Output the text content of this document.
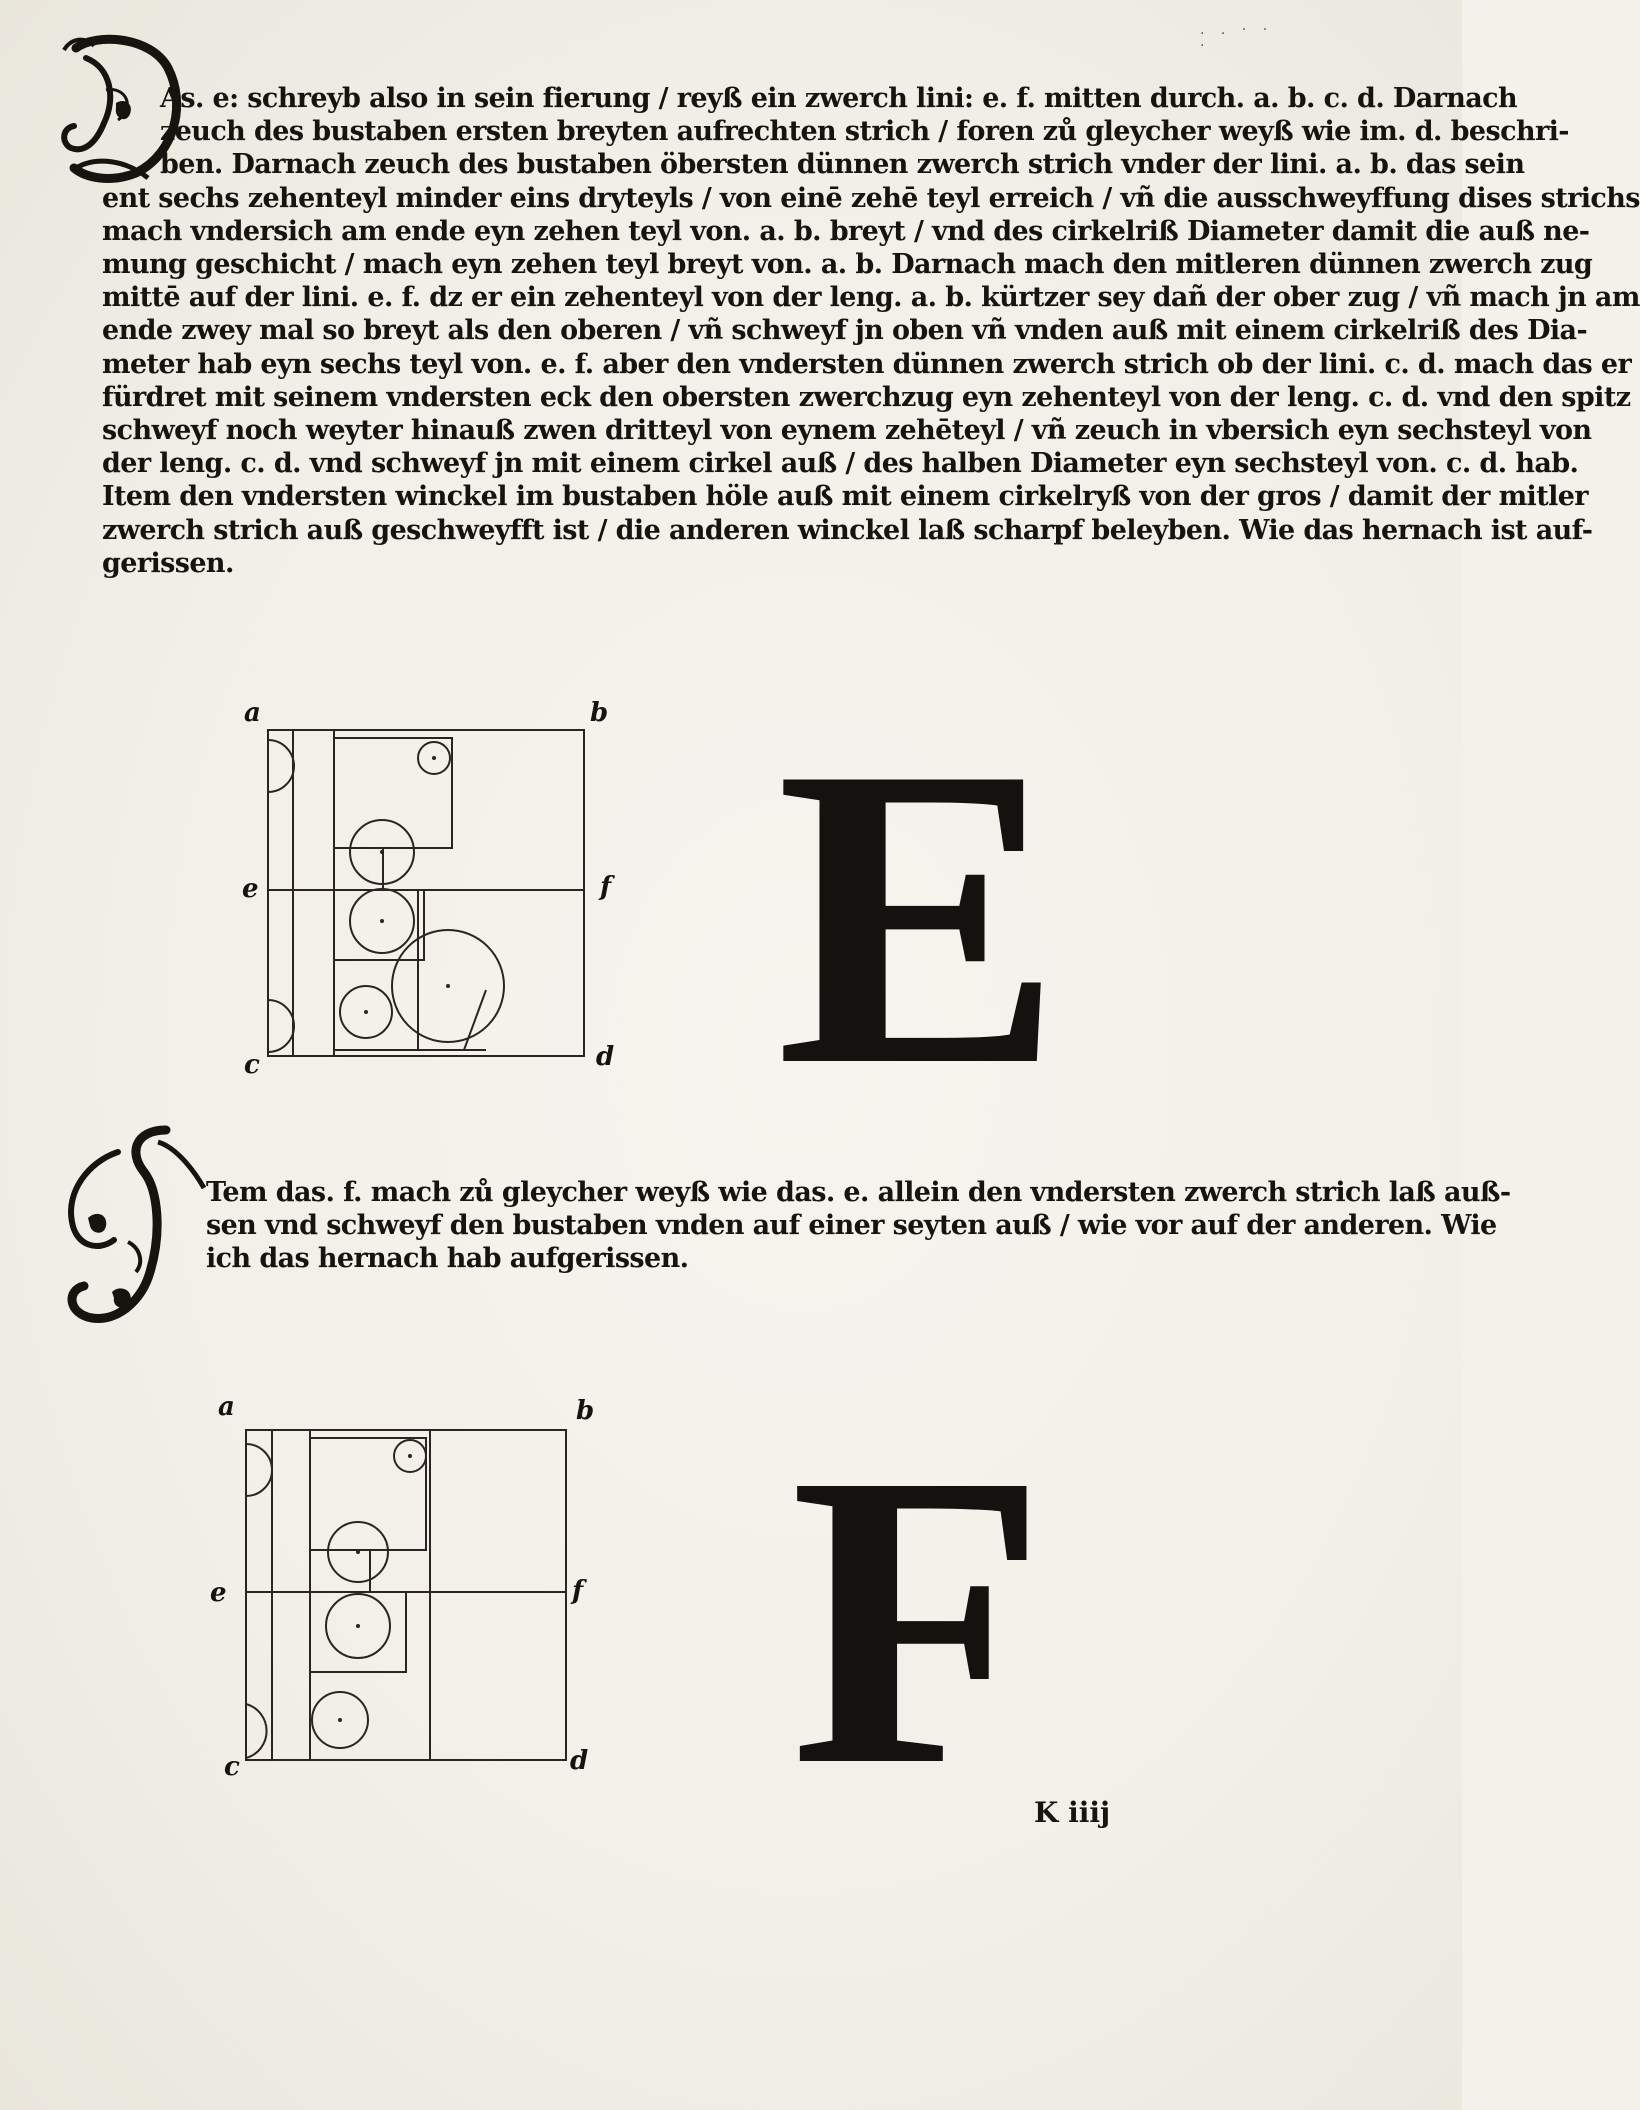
. . · · ·
As. e: schreyb also in sein fierung / reyß ein zwerch lini: e. f. mitten durch. a. b. c. d. Darnach
zeuch des bustaben ersten breyten aufrechten strich / foren zů gleycher weyß wie im. d. beschri-
ben. Darnach zeuch des bustaben öbersten dünnen zwerch strich vnder der lini. a. b. das sein
ent sechs zehenteyl minder eins dryteyls / von einē zehē teyl erreich / vñ die ausschweyffung dises strichs
mach vndersich am ende eyn zehen teyl von. a. b. breyt / vnd des cirkelriß Diameter damit die auß ne-
mung geschicht / mach eyn zehen teyl breyt von. a. b. Darnach mach den mitleren dünnen zwerch zug
mittē auf der lini. e. f. dz er ein zehenteyl von der leng. a. b. kürtzer sey dañ der ober zug / vñ mach jn am
ende zwey mal so breyt als den oberen / vñ schweyf jn oben vñ vnden auß mit einem cirkelriß des Dia-
meter hab eyn sechs teyl von. e. f. aber den vndersten dünnen zwerch strich ob der lini. c. d. mach das er
fürdret mit seinem vndersten eck den obersten zwerchzug eyn zehenteyl von der leng. c. d. vnd den spitz
schweyf noch weyter hinauß zwen dritteyl von eynem zehēteyl / vñ zeuch in vbersich eyn sechsteyl von
der leng. c. d. vnd schweyf jn mit einem cirkel auß / des halben Diameter eyn sechsteyl von. c. d. hab.
Item den vndersten winckel im bustaben höle auß mit einem cirkelryß von der gros / damit der mitler
zwerch strich auß geschweyfft ist / die anderen winckel laß scharpf beleyben. Wie das hernach ist auf-
gerissen.
a	b
e	f
c	d E
Tem das. f. mach zů gleycher weyß wie das. e. allein den vndersten zwerch strich laß auß-
sen vnd schweyf den bustaben vnden auf einer seyten auß / wie vor auf der anderen. Wie
ich das hernach hab aufgerissen.
a	b
e	f
c	d F
K iiij
